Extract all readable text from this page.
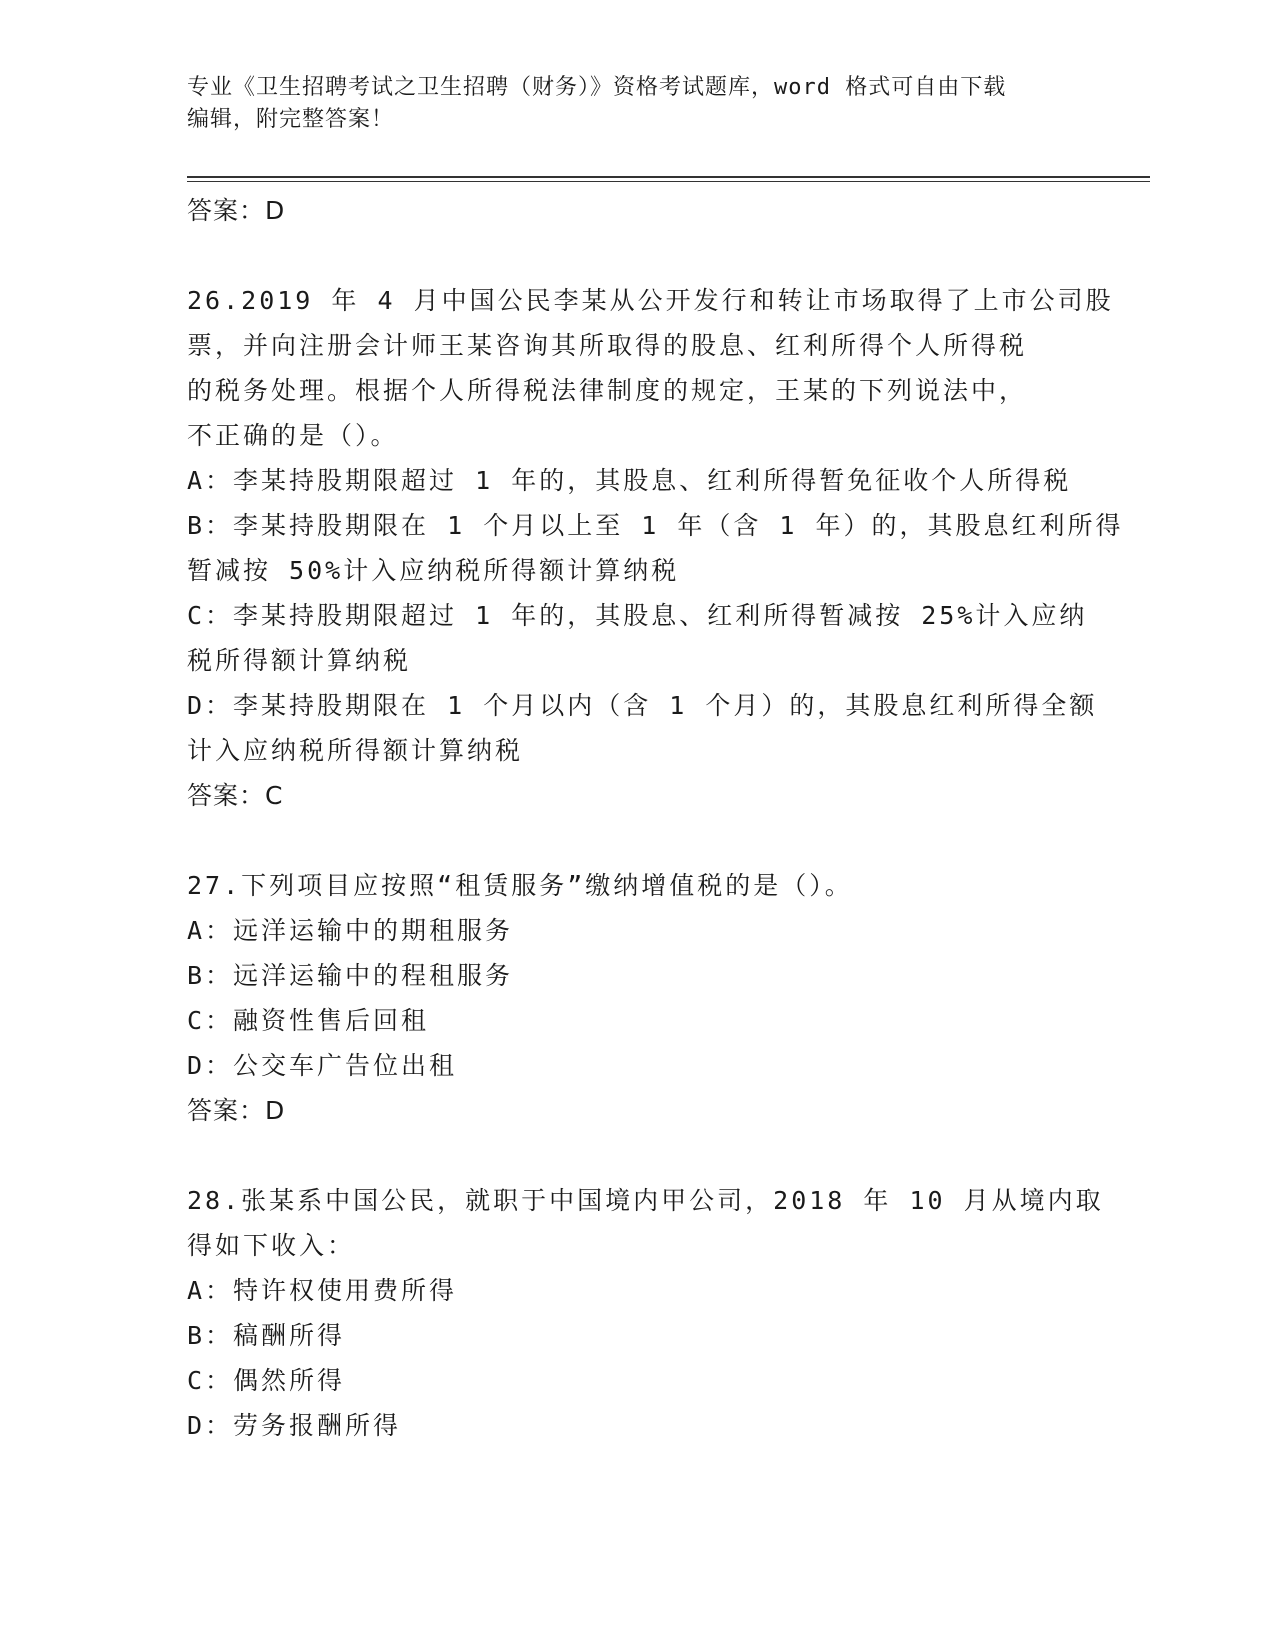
专业《卫生招聘考试之卫生招聘（财务）》资格考试题库，word 格式可自由下载
编辑，附完整答案！
答案：D
26.2019 年 4 月中国公民李某从公开发行和转让市场取得了上市公司股
票，并向注册会计师王某咨询其所取得的股息、红利所得个人所得税
的税务处理。根据个人所得税法律制度的规定，王某的下列说法中，
不正确的是（）。
A：李某持股期限超过 1 年的，其股息、红利所得暂免征收个人所得税
B：李某持股期限在 1 个月以上至 1 年（含 1 年）的，其股息红利所得
暂减按 50%计入应纳税所得额计算纳税
C：李某持股期限超过 1 年的，其股息、红利所得暂减按 25%计入应纳
税所得额计算纳税
D：李某持股期限在 1 个月以内（含 1 个月）的，其股息红利所得全额
计入应纳税所得额计算纳税
答案：C
27.下列项目应按照“租赁服务”缴纳增值税的是（）。
A：远洋运输中的期租服务
B：远洋运输中的程租服务
C：融资性售后回租
D：公交车广告位出租
答案：D
28.张某系中国公民，就职于中国境内甲公司，2018 年 10 月从境内取
得如下收入：
A：特许权使用费所得
B：稿酬所得
C：偶然所得
D：劳务报酬所得
